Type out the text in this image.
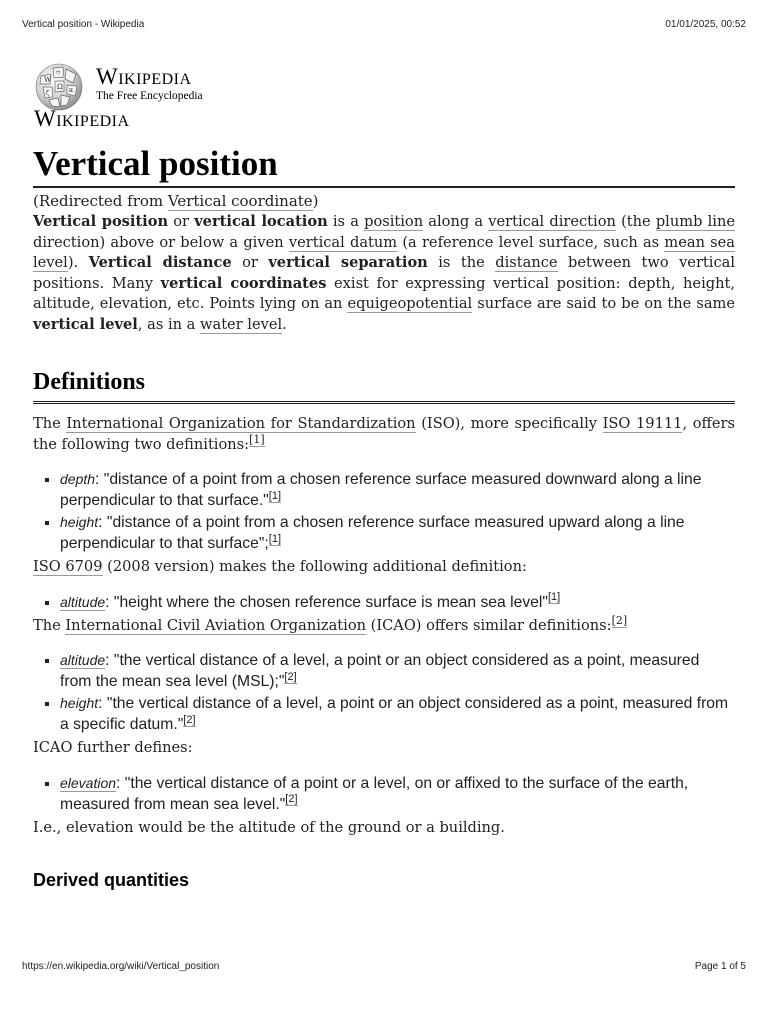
Vertical position - Wikipedia	01/01/2025, 00:52
W
Ω и
ウ
ζ
Wikipedia
The Free Encyclopedia
Wikipedia
Vertical position
(Redirected from Vertical coordinate)

Vertical position or vertical location is a position along a vertical direction (the plumb line direction) above or below a given vertical datum (a reference level surface, such as mean sea level). Vertical distance or vertical separation is the distance between two vertical positions. Many vertical coordinates exist for expressing vertical position: depth, height, altitude, elevation, etc. Points lying on an equigeopotential surface are said to be on the same vertical level, as in a water level.

Definitions

The International Organization for Standardization (ISO), more specifically ISO 19111, offers the following two definitions:[1]

▪ depth: "distance of a point from a chosen reference surface measured downward along a line perpendicular to that surface."[1]
▪ height: "distance of a point from a chosen reference surface measured upward along a line perpendicular to that surface";[1]

ISO 6709 (2008 version) makes the following additional definition:

▪ altitude: "height where the chosen reference surface is mean sea level"[1]

The International Civil Aviation Organization (ICAO) offers similar definitions:[2]

▪ altitude: "the vertical distance of a level, a point or an object considered as a point, measured from the mean sea level (MSL);"[2]
▪ height: "the vertical distance of a level, a point or an object considered as a point, measured from a specific datum."[2]

ICAO further defines:

▪ elevation: "the vertical distance of a point or a level, on or affixed to the surface of the earth, measured from mean sea level."[2]

I.e., elevation would be the altitude of the ground or a building.

Derived quantities
https://en.wikipedia.org/wiki/Vertical_position	Page 1 of 5
